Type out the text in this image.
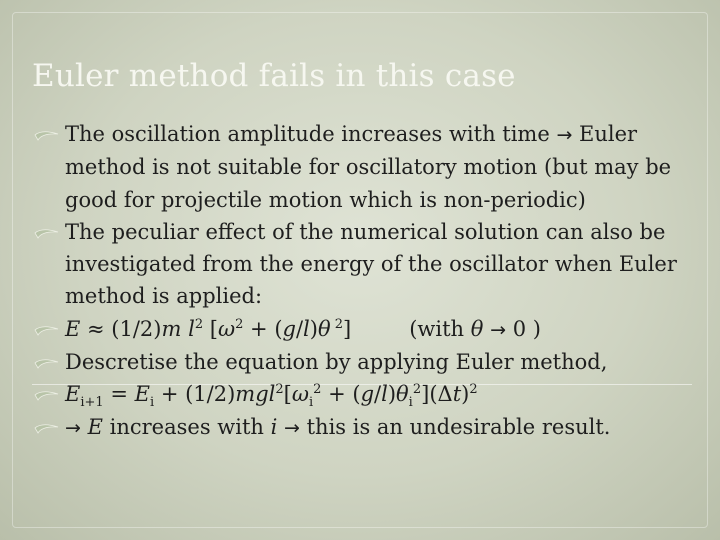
Euler method fails in this case

The oscillation amplitude increases with time → Euler method is not suitable for oscillatory motion (but may be good for projectile motion which is non-periodic)

The peculiar effect of the numerical solution can also be investigated from the energy of the oscillator when Euler method is applied:

E ≈ (1/2)m $l^2$ [$\omega^2 + (g/l)\theta$ $^2$]	(with θ → 0 )

Descretise the equation by applying Euler method,

$E_{i+1} = E_i + (1/2)mgl^2[\omega_i^2 + (g/l)\theta_i^2](\Delta t)^2$

→ E increases with i → this is an undesirable result.
